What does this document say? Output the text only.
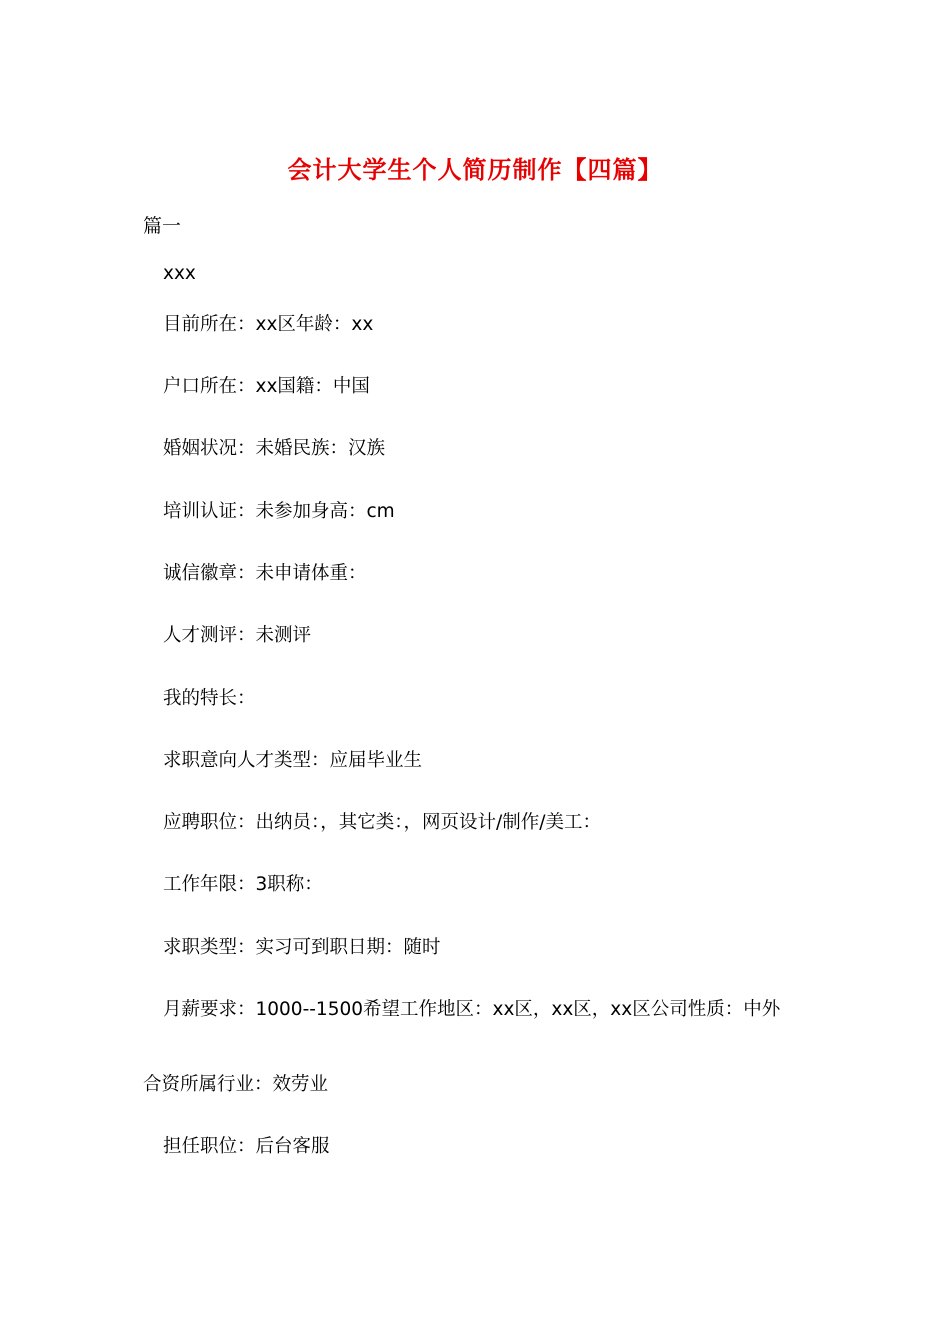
会计大学生个人简历制作【四篇】
篇一
xxx
目前所在：xx区年龄：xx
户口所在：xx国籍：中国
婚姻状况：未婚民族：汉族
培训认证：未参加身高：cm
诚信徽章：未申请体重：
人才测评：未测评
我的特长：
求职意向人才类型：应届毕业生
应聘职位：出纳员：，其它类：，网页设计/制作/美工：
工作年限：3职称：
求职类型：实习可到职日期：随时
月薪要求：1000--1500希望工作地区：xx区，xx区，xx区公司性质：中外
合资所属行业：效劳业
担任职位：后台客服
